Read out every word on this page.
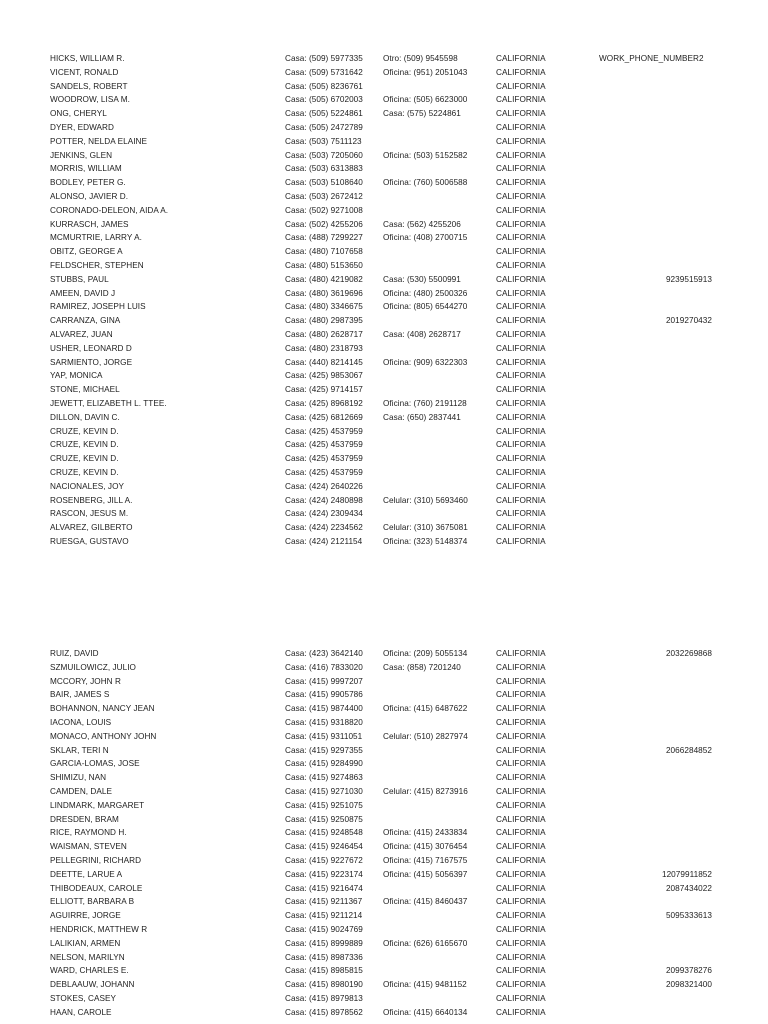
HICKS, WILLIAM R.	Casa: (509) 5977335 Otro: (509) 9545598	CALIFORNIA	WORK_PHONE_NUMBER2
VICENT, RONALD	Casa: (509) 5731642 Oficina: (951) 2051043	CALIFORNIA
SANDELS, ROBERT	Casa: (505) 8236761	CALIFORNIA
WOODROW, LISA M.	Casa: (505) 6702003 Oficina: (505) 6623000	CALIFORNIA
ONG, CHERYL	Casa: (505) 5224861 Casa: (575) 5224861	CALIFORNIA
DYER, EDWARD	Casa: (505) 2472789	CALIFORNIA
POTTER, NELDA ELAINE	Casa: (503) 7511123	CALIFORNIA
JENKINS, GLEN	Casa: (503) 7205060 Oficina: (503) 5152582	CALIFORNIA
MORRIS, WILLIAM	Casa: (503) 6313883	CALIFORNIA
BODLEY, PETER G.	Casa: (503) 5108640 Oficina: (760) 5006588	CALIFORNIA
ALONSO, JAVIER D.	Casa: (503) 2672412	CALIFORNIA
CORONADO-DELEON, AIDA A.	Casa: (502) 9271008	CALIFORNIA
KURRASCH, JAMES	Casa: (502) 4255206 Casa: (562) 4255206	CALIFORNIA
MCMURTRIE, LARRY A.	Casa: (488) 7299227 Oficina: (408) 2700715	CALIFORNIA
OBITZ, GEORGE A	Casa: (480) 7107658	CALIFORNIA
FELDSCHER, STEPHEN	Casa: (480) 5153650	CALIFORNIA
STUBBS, PAUL	Casa: (480) 4219082 Casa: (530) 5500991	CALIFORNIA	9239515913
AMEEN, DAVID J	Casa: (480) 3619696 Oficina: (480) 2500326	CALIFORNIA
RAMIREZ, JOSEPH LUIS	Casa: (480) 3346675 Oficina: (805) 6544270	CALIFORNIA
CARRANZA, GINA	Casa: (480) 2987395	CALIFORNIA	2019270432
ALVAREZ, JUAN	Casa: (480) 2628717 Casa: (408) 2628717	CALIFORNIA
USHER, LEONARD D	Casa: (480) 2318793	CALIFORNIA
SARMIENTO, JORGE	Casa: (440) 8214145 Oficina: (909) 6322303	CALIFORNIA
YAP, MONICA	Casa: (425) 9853067	CALIFORNIA
STONE, MICHAEL	Casa: (425) 9714157	CALIFORNIA
JEWETT, ELIZABETH L. TTEE.	Casa: (425) 8968192 Oficina: (760) 2191128	CALIFORNIA
DILLON, DAVIN C.	Casa: (425) 6812669 Casa: (650) 2837441	CALIFORNIA
CRUZE, KEVIN D.	Casa: (425) 4537959	CALIFORNIA
CRUZE, KEVIN D.	Casa: (425) 4537959	CALIFORNIA
CRUZE, KEVIN D.	Casa: (425) 4537959	CALIFORNIA
CRUZE, KEVIN D.	Casa: (425) 4537959	CALIFORNIA
NACIONALES, JOY	Casa: (424) 2640226	CALIFORNIA
ROSENBERG, JILL A.	Casa: (424) 2480898 Celular: (310) 5693460	CALIFORNIA
RASCON, JESUS M.	Casa: (424) 2309434	CALIFORNIA
ALVAREZ, GILBERTO	Casa: (424) 2234562 Celular: (310) 3675081	CALIFORNIA
RUESGA, GUSTAVO	Casa: (424) 2121154	Oficina: (323) 5148374	CALIFORNIA
RUIZ, DAVID	Casa: (423) 3642140 Oficina: (209) 5055134	CALIFORNIA	2032269868
SZMUILOWICZ, JULIO	Casa: (416) 7833020 Casa: (858) 7201240	CALIFORNIA
MCCORY, JOHN R	Casa: (415) 9997207	CALIFORNIA
BAIR, JAMES S	Casa: (415) 9905786	CALIFORNIA
BOHANNON, NANCY JEAN	Casa: (415) 9874400 Oficina: (415) 6487622	CALIFORNIA
IACONA, LOUIS	Casa: (415) 9318820	CALIFORNIA
MONACO, ANTHONY JOHN	Casa: (415) 9311051	Celular: (510) 2827974	CALIFORNIA
SKLAR, TERI N	Casa: (415) 9297355	CALIFORNIA	2066284852
GARCIA-LOMAS, JOSE	Casa: (415) 9284990	CALIFORNIA
SHIMIZU, NAN	Casa: (415) 9274863	CALIFORNIA
CAMDEN, DALE	Casa: (415) 9271030 Celular: (415) 8273916	CALIFORNIA
LINDMARK, MARGARET	Casa: (415) 9251075	CALIFORNIA
DRESDEN, BRAM	Casa: (415) 9250875	CALIFORNIA
RICE, RAYMOND H.	Casa: (415) 9248548 Oficina: (415) 2433834	CALIFORNIA
WAISMAN, STEVEN	Casa: (415) 9246454 Oficina: (415) 3076454	CALIFORNIA
PELLEGRINI, RICHARD	Casa: (415) 9227672 Oficina: (415) 7167575	CALIFORNIA
DEETTE, LARUE A	Casa: (415) 9223174 Oficina: (415) 5056397	CALIFORNIA	12079911852
THIBODEAUX, CAROLE	Casa: (415) 9216474	CALIFORNIA	2087434022
ELLIOTT, BARBARA B	Casa: (415) 9211367	Oficina: (415) 8460437	CALIFORNIA
AGUIRRE, JORGE	Casa: (415) 9211214	CALIFORNIA	5095333613
HENDRICK, MATTHEW R	Casa: (415) 9024769	CALIFORNIA
LALIKIAN, ARMEN	Casa: (415) 8999889 Oficina: (626) 6165670	CALIFORNIA
NELSON, MARILYN	Casa: (415) 8987336	CALIFORNIA
WARD, CHARLES E.	Casa: (415) 8985815	CALIFORNIA	2099378276
DEBLAAUW, JOHANN	Casa: (415) 8980190 Oficina: (415) 9481152	CALIFORNIA	2098321400
STOKES, CASEY	Casa: (415) 8979813	CALIFORNIA
HAAN, CAROLE	Casa: (415) 8978562 Oficina: (415) 6640134	CALIFORNIA
